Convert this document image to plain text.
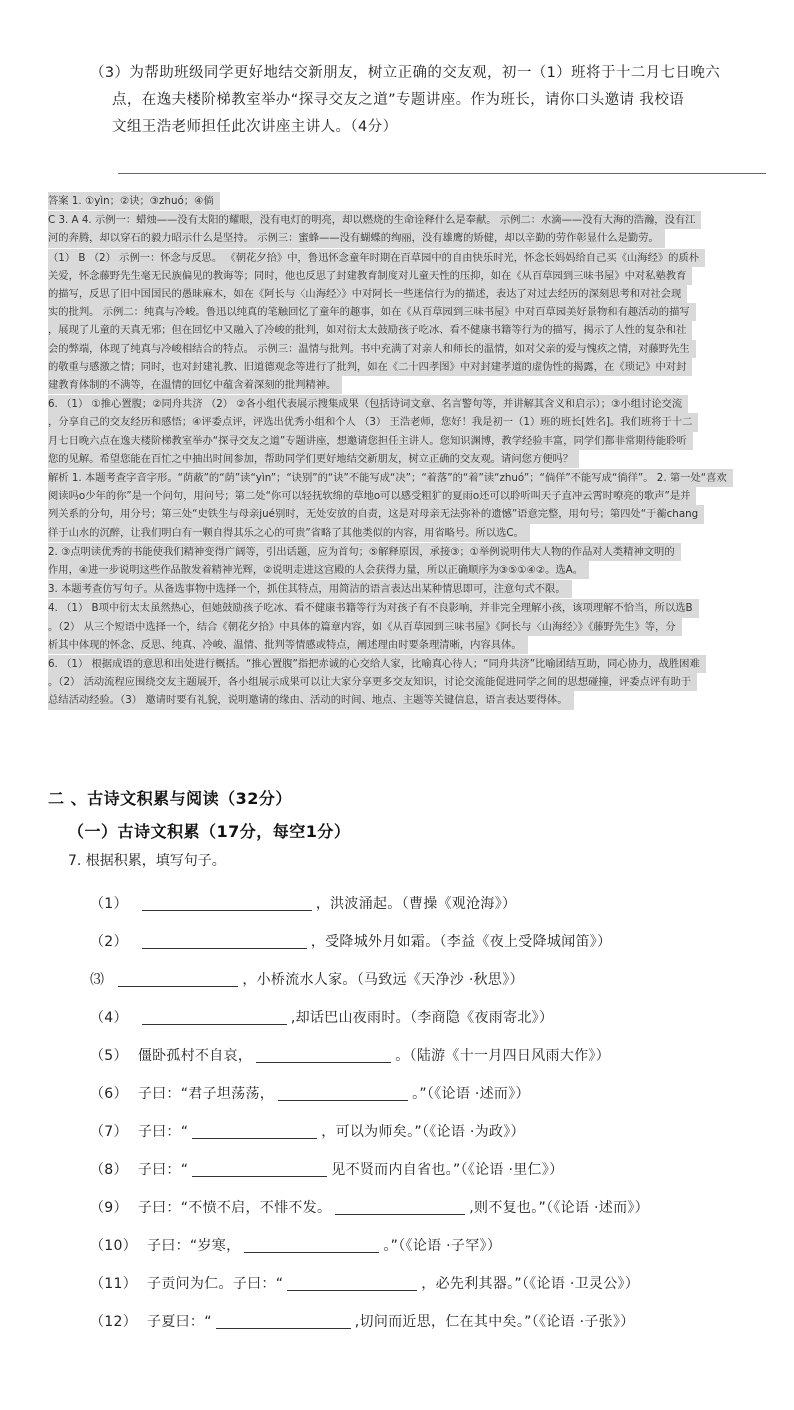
（3）为帮助班级同学更好地结交新朋友，树立正确的交友观，初一（1）班将于十二月七日晚六
点，在逸夫楼阶梯教室举办“探寻交友之道”专题讲座。作为班长，请你口头邀请 我校语
文组王浩老师担任此次讲座主讲人。（4分）
答案 1. ①yìn；②诀；③zhuó；④倘
C 3. A 4. 示例一：蜡烛——没有太阳的耀眼，没有电灯的明亮，却以燃烧的生命诠释什么是奉献。 示例二：水滴——没有大海的浩瀚，没有江
河的奔腾，却以穿石的毅力昭示什么是坚持。 示例三：蜜蜂——没有蝴蝶的绚丽，没有雄鹰的矫健，却以辛勤的劳作彰显什么是勤劳。
（1） B （2） 示例一：怀念与反思。 《朝花夕拾》中，鲁迅怀念童年时期在百草园中的自由快乐时光，怀念长妈妈给自己买《山海经》的质朴
关爱，怀念藤野先生毫无民族偏见的教诲等；同时，他也反思了封建教育制度对儿童天性的压抑，如在《从百草园到三味书屋》中对私塾教育
的描写，反思了旧中国国民的愚昧麻木，如在《阿长与〈山海经〉》中对阿长一些迷信行为的描述，表达了对过去经历的深刻思考和对社会现
实的批判。 示例二：纯真与冷峻。鲁迅以纯真的笔触回忆了童年的趣事，如在《从百草园到三味书屋》中对百草园美好景物和有趣活动的描写
，展现了儿童的天真无邪；但在回忆中又融入了冷峻的批判，如对衍太太鼓励孩子吃冰、看不健康书籍等行为的描写，揭示了人性的复杂和社
会的弊端，体现了纯真与冷峻相结合的特点。 示例三：温情与批判。书中充满了对亲人和师长的温情，如对父亲的爱与愧疚之情，对藤野先生
的敬重与感激之情；同时，也对封建礼教、旧道德观念等进行了批判，如在《二十四孝图》中对封建孝道的虚伪性的揭露，在《琐记》中对封
建教育体制的不满等，在温情的回忆中蕴含着深刻的批判精神。
6. （1） ①推心置腹；②同舟共济 （2） ②各小组代表展示搜集成果（包括诗词文章、名言警句等，并讲解其含义和启示）；③小组讨论交流
，分享自己的交友经历和感悟；④评委点评，评选出优秀小组和个人 （3） 王浩老师，您好！我是初一（1）班的班长[姓名]。我们班将于十二
月七日晚六点在逸夫楼阶梯教室举办“探寻交友之道”专题讲座，想邀请您担任主讲人。您知识渊博，教学经验丰富，同学们都非常期待能聆听
您的见解。希望您能在百忙之中抽出时间参加，帮助同学们更好地结交新朋友，树立正确的交友观。请问您方便吗？
解析 1. 本题考查字音字形。“荫蔽”的“荫”读“yìn”；“诀别”的“诀”不能写成“决”；“着落”的“着”读“zhuó”；“倘佯”不能写成“徜徉”。 2. 第一处“喜欢
阅读吗o少年的你”是一个问句，用问号；第二处“你可以轻抚软绵的草地o可以感受粗犷的夏雨o还可以聆听叫天子直冲云霄时嘹亮的歌声”是并
列关系的分句，用分号；第三处“史铁生与母亲jué别时，无处安放的自责，这是对母亲无法弥补的遗憾”语意完整，用句号；第四处“于蘅chang
徉于山水的沉醉，让我们明白有一颗自得其乐之心的可贵”省略了其他类似的内容，用省略号。所以选C。
2. ③点明读优秀的书能使我们精神变得广阔等，引出话题，应为首句；⑤解释原因，承接③；①举例说明伟大人物的作品对人类精神文明的
作用，④进一步说明这些作品散发着精神光辉，②说明走进这宫殿的人会获得力量，所以正确顺序为③⑤①④②。选A。
3. 本题考查仿写句子。从备选事物中选择一个，抓住其特点，用简洁的语言表达出某种情思即可，注意句式不限。
4. （1） B项中衍太太虽然热心，但她鼓励孩子吃冰、看不健康书籍等行为对孩子有不良影响，并非完全理解小孩，该项理解不恰当，所以选B
。（2） 从三个短语中选择一个，结合《朝花夕拾》中具体的篇章内容，如《从百草园到三味书屋》《阿长与〈山海经〉》《藤野先生》等，分
析其中体现的怀念、反思、纯真、冷峻、温情、批判等情感或特点，阐述理由时要条理清晰，内容具体。
6. （1） 根据成语的意思和出处进行概括。“推心置腹”指把赤诚的心交给人家，比喻真心待人；“同舟共济”比喻团结互助，同心协力，战胜困难
。（2） 活动流程应围绕交友主题展开，各小组展示成果可以让大家分享更多交友知识，讨论交流能促进同学之间的思想碰撞，评委点评有助于
总结活动经验。（3） 邀请时要有礼貌，说明邀请的缘由、活动的时间、地点、主题等关键信息，语言表达要得体。
二 、古诗文积累与阅读（32分）
（一）古诗文积累（17分，每空1分）
7. 根据积累，填写句子。
（1）	，洪波涌起。（曹操《观沧海》）
（2）	，受降城外月如霜。（李益《夜上受降城闻笛》）
⑶	，小桥流水人家。（马致远《天净沙 ·秋思》）
（4）	,却话巴山夜雨时。（李商隐《夜雨寄北》）
（5） 僵卧孤村不自哀，	。（陆游《十一月四日风雨大作》）
（6） 子曰：“君子坦荡荡，	。”（《论语 ·述而》）
（7） 子曰：“	，可以为师矣。”（《论语 ·为政》）
（8） 子曰：“	见不贤而内自省也。”（《论语 ·里仁》）
（9） 子曰：“不愤不启，不悱不发。	,则不复也。”（《论语 ·述而》）
（10） 子曰：“岁寒，	。”（《论语 ·子罕》）
（11） 子贡问为仁。子曰：“	，必先利其器。”（《论语 ·卫灵公》）
（12） 子夏曰：“	,切问而近思，仁在其中矣。”（《论语 ·子张》）
